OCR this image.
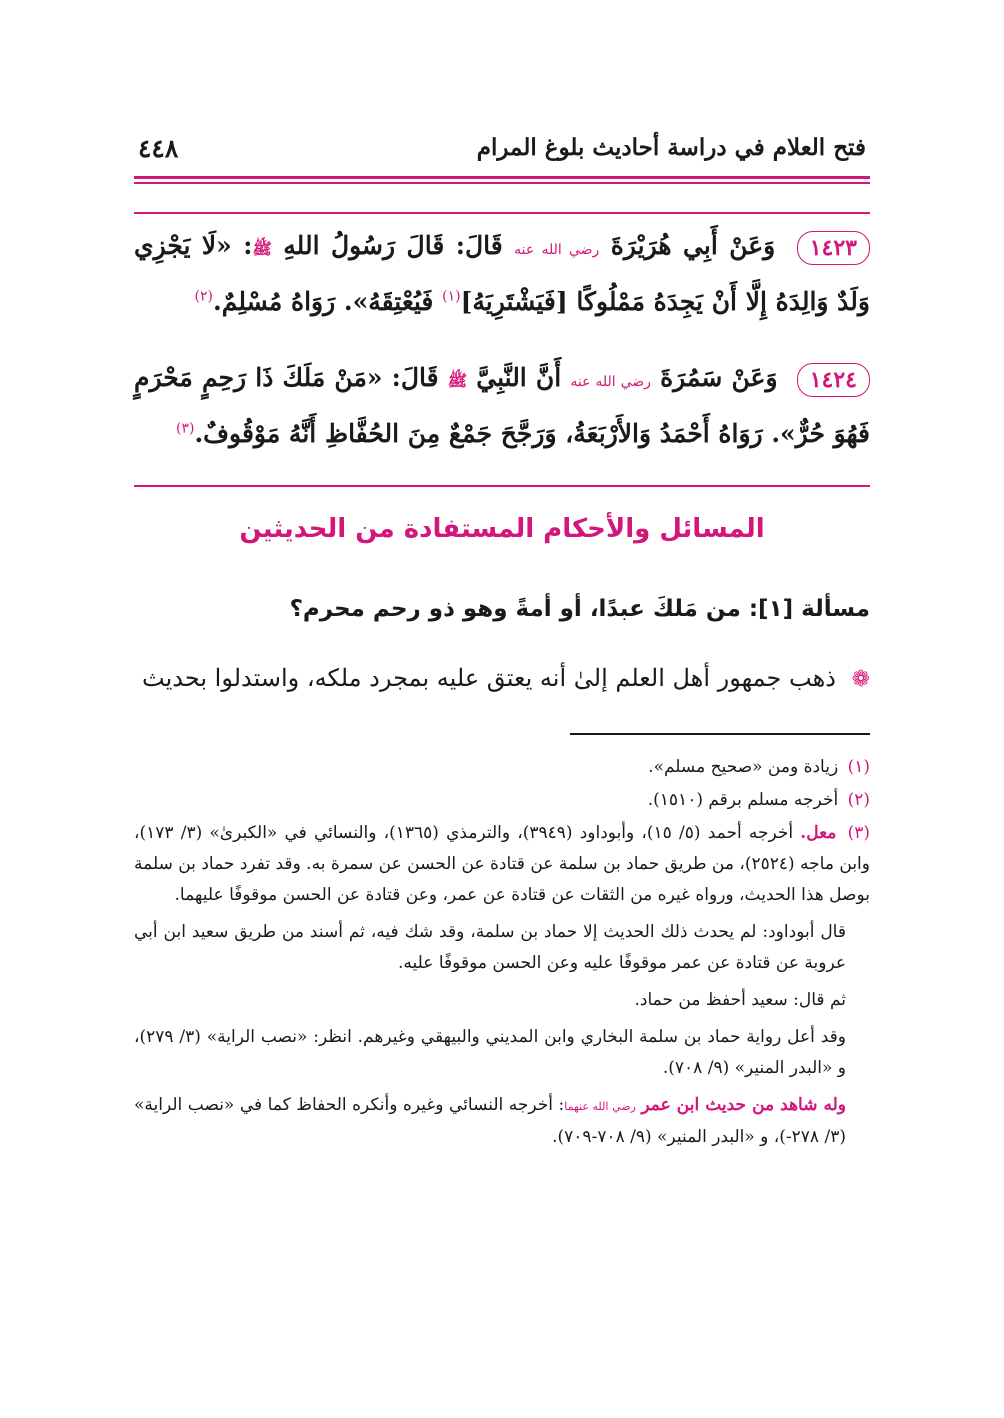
٤٤٨	فتح العلام في دراسة أحاديث بلوغ المرام
١٤٢٣ وَعَنْ أَبِي هُرَيْرَةَ رضي الله عنه قَالَ: قَالَ رَسُولُ اللهِ ﷺ: «لَا يَجْزِي وَلَدٌ وَالِدَهُ إِلَّا أَنْ يَجِدَهُ مَمْلُوكًا [فَيَشْتَرِيَهُ]$^{(١)}$ فَيُعْتِقَهُ». رَوَاهُ مُسْلِمٌ.$^{(٢)}$
١٤٢٤ وَعَنْ سَمُرَةَ رضي الله عنه أَنَّ النَّبِيَّ ﷺ قَالَ: «مَنْ مَلَكَ ذَا رَحِمٍ مَحْرَمٍ فَهُوَ حُرٌّ». رَوَاهُ أَحْمَدُ وَالأَرْبَعَةُ، وَرَجَّحَ جَمْعٌ مِنَ الحُفَّاظِ أَنَّهُ مَوْقُوفٌ.$^{(٣)}$
المسائل والأحكام المستفادة من الحديثين
مسألة [١]: من مَلكَ عبدًا، أو أمةً وهو ذو رحم محرم؟
❁ ذهب جمهور أهل العلم إلىٰ أنه يعتق عليه بمجرد ملكه، واستدلوا بحديث
(١) زيادة ومن «صحيح مسلم».
(٢) أخرجه مسلم برقم (١٥١٠).
(٣) معل. أخرجه أحمد (٥/ ١٥)، وأبوداود (٣٩٤٩)، والترمذي (١٣٦٥)، والنسائي في «الكبرىٰ» (٣/ ١٧٣)، وابن ماجه (٢٥٢٤)، من طريق حماد بن سلمة عن قتادة عن الحسن عن سمرة به. وقد تفرد حماد بن سلمة بوصل هذا الحديث، ورواه غيره من الثقات عن قتادة عن عمر، وعن قتادة عن الحسن موقوفًا عليهما.
قال أبوداود: لم يحدث ذلك الحديث إلا حماد بن سلمة، وقد شك فيه، ثم أسند من طريق سعيد ابن أبي عروبة عن قتادة عن عمر موقوفًا عليه وعن الحسن موقوفًا عليه.
ثم قال: سعيد أحفظ من حماد.
وقد أعل رواية حماد بن سلمة البخاري وابن المديني والبيهقي وغيرهم. انظر: «نصب الراية» (٣/ ٢٧٩)، و «البدر المنير» (٩/ ٧٠٨).
وله شاهد من حديث ابن عمر رضي الله عنهما: أخرجه النسائي وغيره وأنكره الحفاظ كما في «نصب الراية» (٣/ ٢٧٨-)، و «البدر المنير» (٩/ ٧٠٨-٧٠٩).
